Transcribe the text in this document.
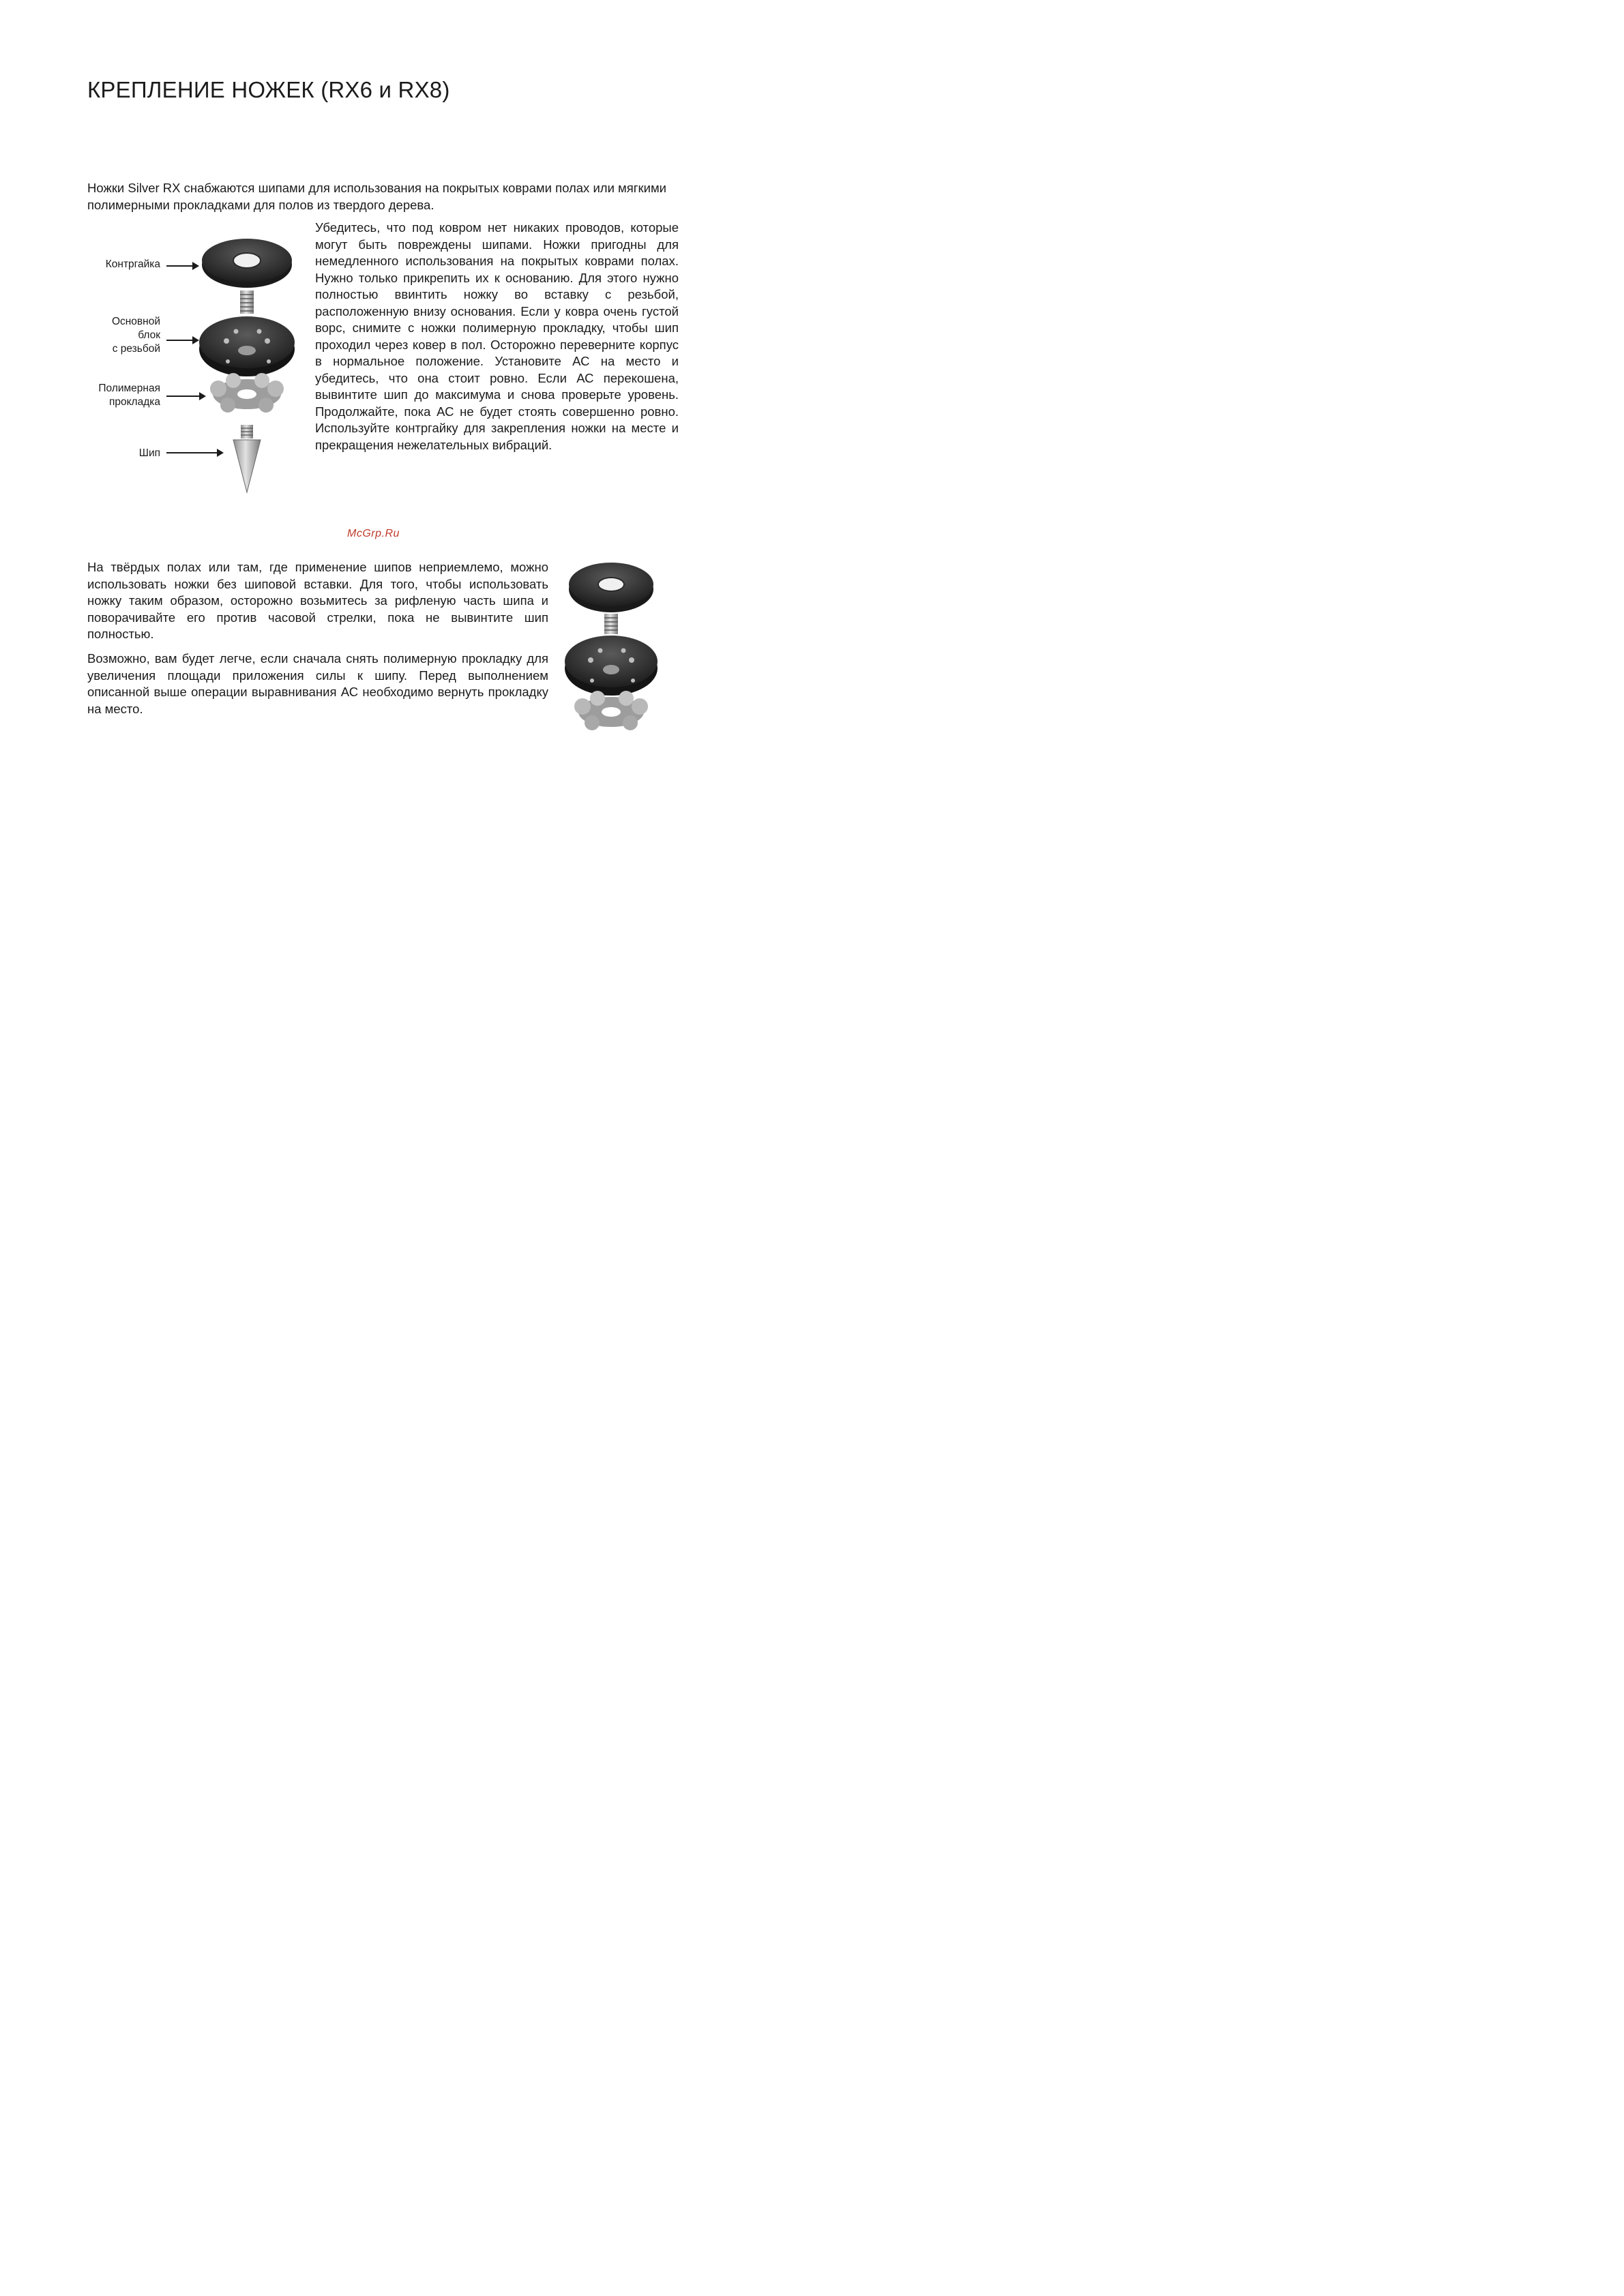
КРЕПЛЕНИЕ НОЖЕК (RX6 и RX8)

Ножки Silver RX снабжаются шипами для использования на покрытых коврами полах или мягкими полимерными прокладками для полов из твердого дерева.

Контргайка

Основной
блок
с резьбой
Полимерная
прокладка

Шип

Убедитесь, что под ковром нет никаких проводов, которые могут быть повреждены шипами. Ножки пригодны для немедленного использования на покрытых коврами полах. Нужно только прикрепить их к основанию. Для этого нужно полностью ввинтить ножку во вставку с резьбой, расположенную внизу основания. Если у ковра очень густой ворс, снимите с ножки полимерную прокладку, чтобы шип проходил через ковер в пол. Осторожно переверните корпус в нормальное положение. Установите АС на место и убедитесь, что она стоит ровно. Если АС перекошена, вывинтите шип до максимума и снова проверьте уровень. Продолжайте, пока АС не будет стоять совершенно ровно. Используйте контргайку для закрепления ножки на месте и прекращения нежелательных вибраций.

McGrp.Ru

На твёрдых полах или там, где применение шипов неприемлемо, можно использовать ножки без шиповой вставки. Для того, чтобы использовать ножку таким образом, осторожно возьмитесь за рифленую часть шипа и поворачивайте его против часовой стрелки, пока не вывинтите шип полностью.

Возможно, вам будет легче, если сначала снять полимерную прокладку для увеличения площади приложения силы к шипу. Перед выполнением описанной выше операции выравнивания АС необходимо вернуть прокладку на место.
